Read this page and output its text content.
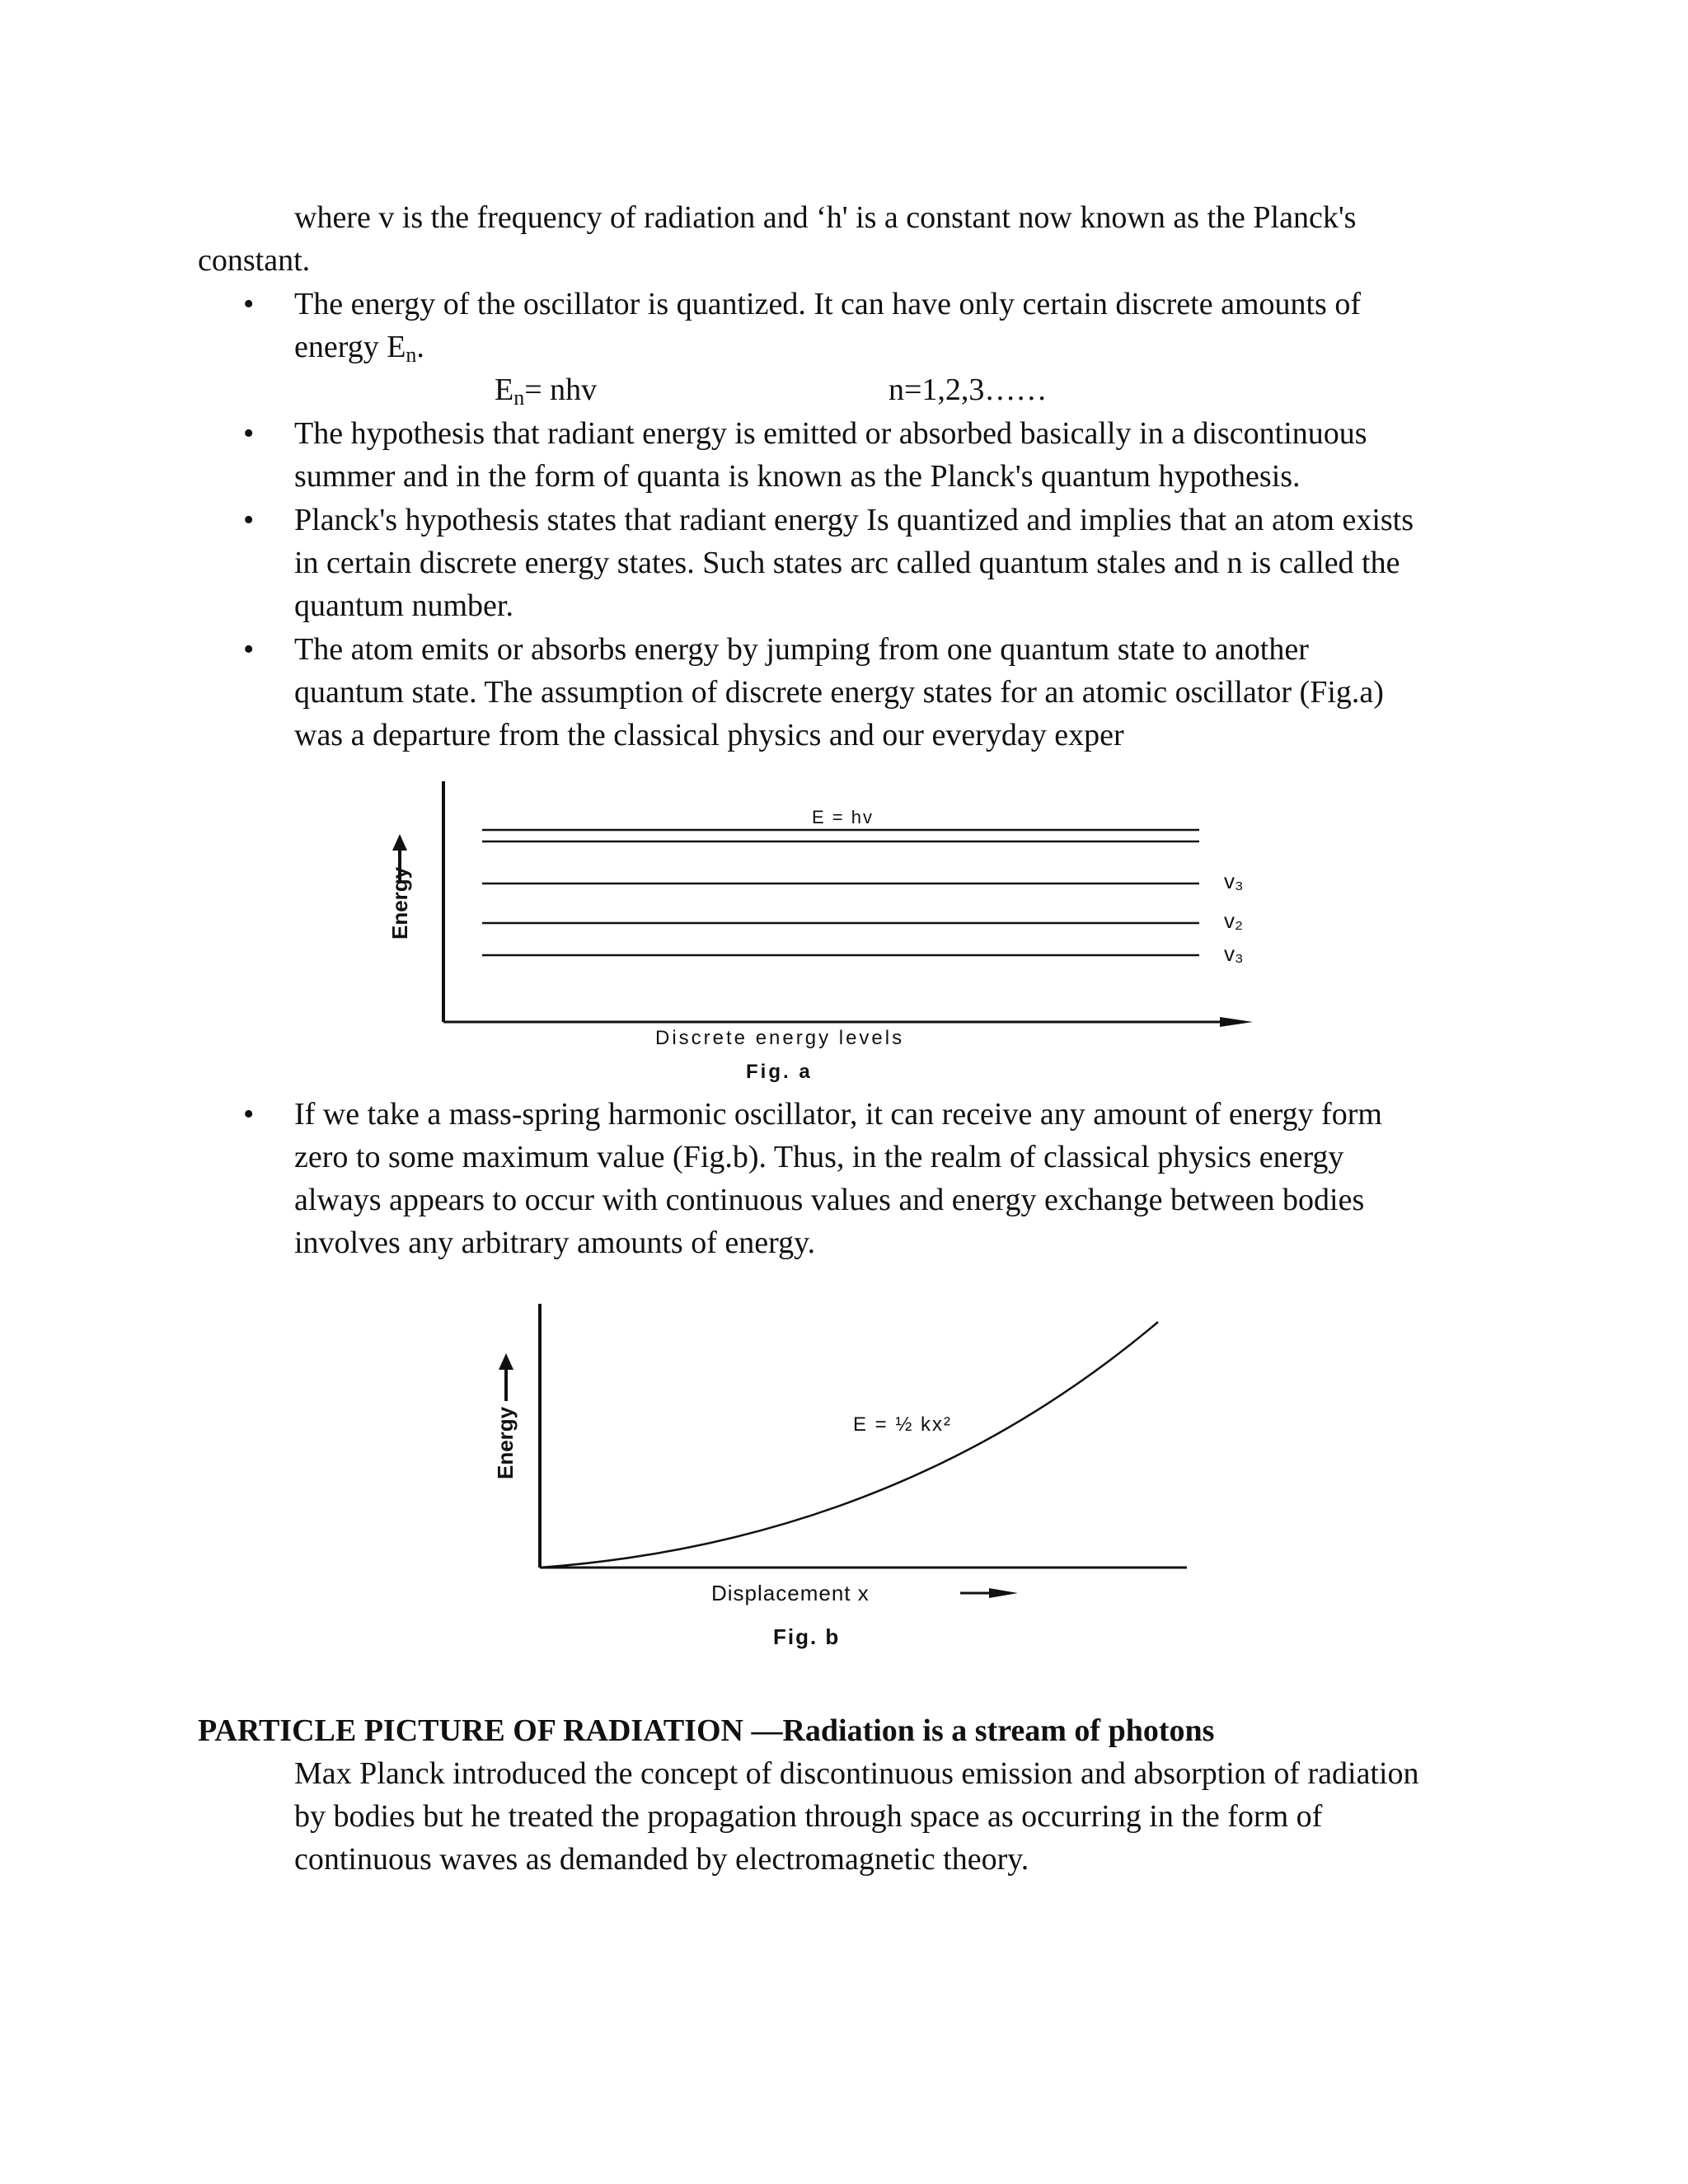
where v is the frequency of radiation and ‘h' is a constant now known as the Planck's
constant.
• The energy of the oscillator is quantized. It can have only certain discrete amounts of
energy $E_n$.
$E_n=$ nhv	n=1,2,3……
• The hypothesis that radiant energy is emitted or absorbed basically in a discontinuous
summer and in the form of quanta is known as the Planck's quantum hypothesis.
• Planck's hypothesis states that radiant energy Is quantized and implies that an atom exists
in certain discrete energy states. Such states arc called quantum stales and n is called the
quantum number.
• The atom emits or absorbs energy by jumping from one quantum state to another
quantum state. The assumption of discrete energy states for an atomic oscillator (Fig.a)
was a departure from the classical physics and our everyday exper
E = hv
v₃
v₂
v₃
Discrete energy levels
Fig. a
Energy
• If we take a mass-spring harmonic oscillator, it can receive any amount of energy form
zero to some maximum value (Fig.b). Thus, in the realm of classical physics energy
always appears to occur with continuous values and energy exchange between bodies
involves any arbitrary amounts of energy.
E = ½ kx²
Displacement x
Fig. b
Energy
PARTICLE PICTURE OF RADIATION —Radiation is a stream of photons
Max Planck introduced the concept of discontinuous emission and absorption of radiation
by bodies but he treated the propagation through space as occurring in the form of
continuous waves as demanded by electromagnetic theory.
